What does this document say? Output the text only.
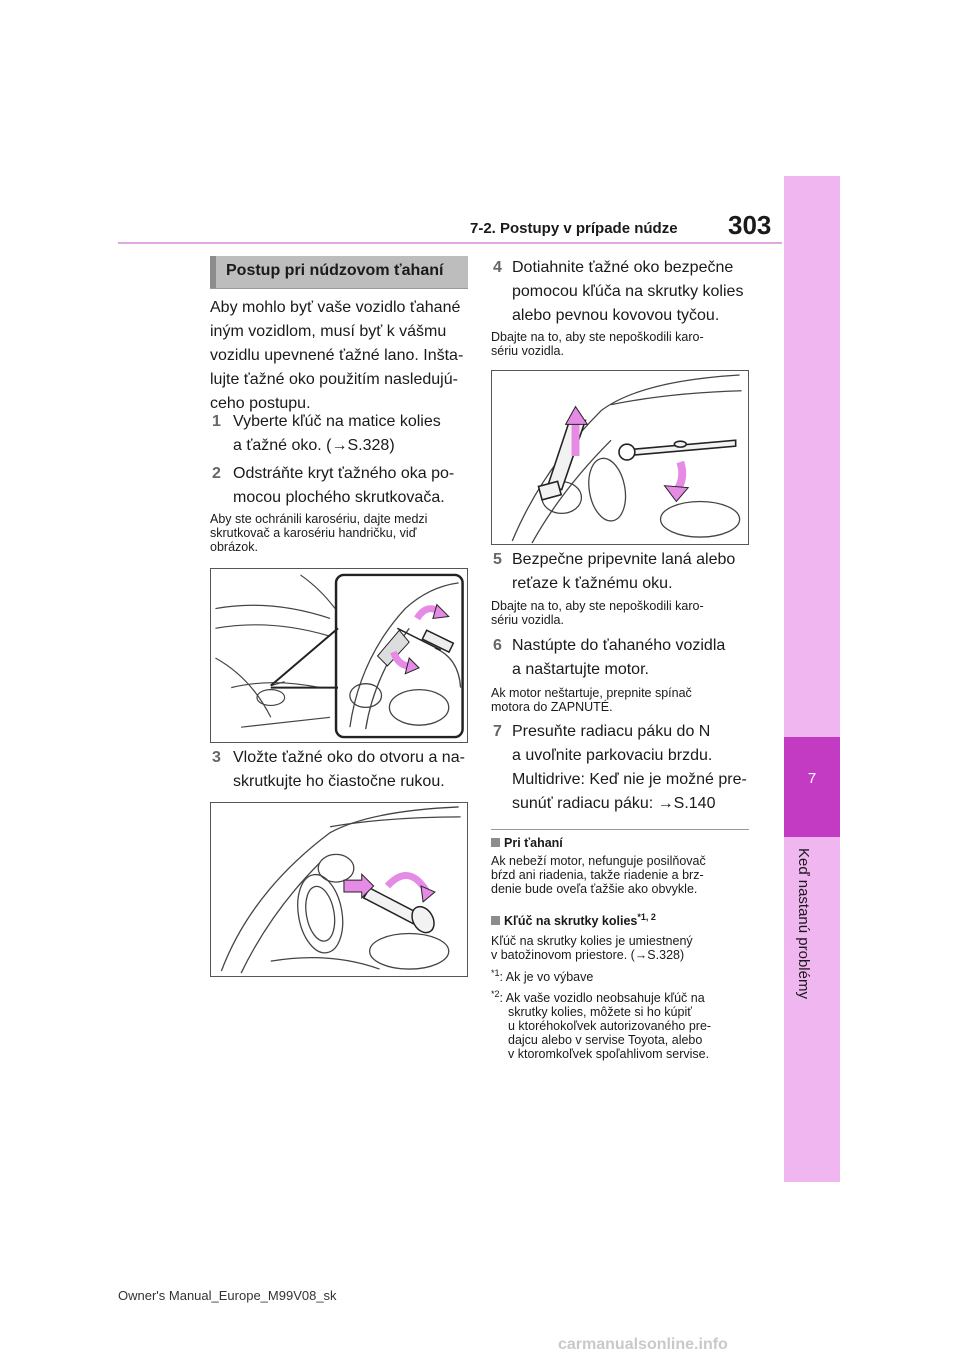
7-2. Postupy v prípade núdze 303
7
Keď nastanú problémy
Postup pri núdzovom ťahaní
Aby mohlo byť vaše vozidlo ťahané
iným vozidlom, musí byť k vášmu
vozidlu upevnené ťažné lano. Inšta-
lujte ťažné oko použitím nasledujú-
ceho postupu.
1 Vyberte kľúč na matice kolies
a ťažné oko. (→S.328)
2 Odstráňte kryt ťažného oka po-
mocou plochého skrutkovača.
Aby ste ochránili karosériu, dajte medzi
skrutkovač a karosériu handričku, viď
obrázok.
3 Vložte ťažné oko do otvoru a na-
skrutkujte ho čiastočne rukou.
4 Dotiahnite ťažné oko bezpečne
pomocou kľúča na skrutky kolies
alebo pevnou kovovou tyčou.
Dbajte na to, aby ste nepoškodili karo-
sériu vozidla.
5 Bezpečne pripevnite laná alebo
reťaze k ťažnému oku.
Dbajte na to, aby ste nepoškodili karo-
sériu vozidla.
6 Nastúpte do ťahaného vozidla
a naštartujte motor.
Ak motor neštartuje, prepnite spínač
motora do ZAPNUTÉ.
7 Presuňte radiacu páku do N
a uvoľnite parkovaciu brzdu.
Multidrive: Keď nie je možné pre-
sunúť radiacu páku: →S.140
Pri ťahaní
Ak nebeží motor, nefunguje posilňovač
bŕzd ani riadenia, takže riadenie a brz-
denie bude oveľa ťažšie ako obvykle.
Kľúč na skrutky kolies$^{*1, 2}$
Kľúč na skrutky kolies je umiestnený
v batožinovom priestore. (→S.328)
$^{*1}$: Ak je vo výbave
$^{*2}$: Ak vaše vozidlo neobsahuje kľúč na
skrutky kolies, môžete si ho kúpiť
u ktoréhokoľvek autorizovaného pre-
dajcu alebo v servise Toyota, alebo
v ktoromkoľvek spoľahlivom servise.
Owner's Manual_Europe_M99V08_sk
carmanualsonline.info
